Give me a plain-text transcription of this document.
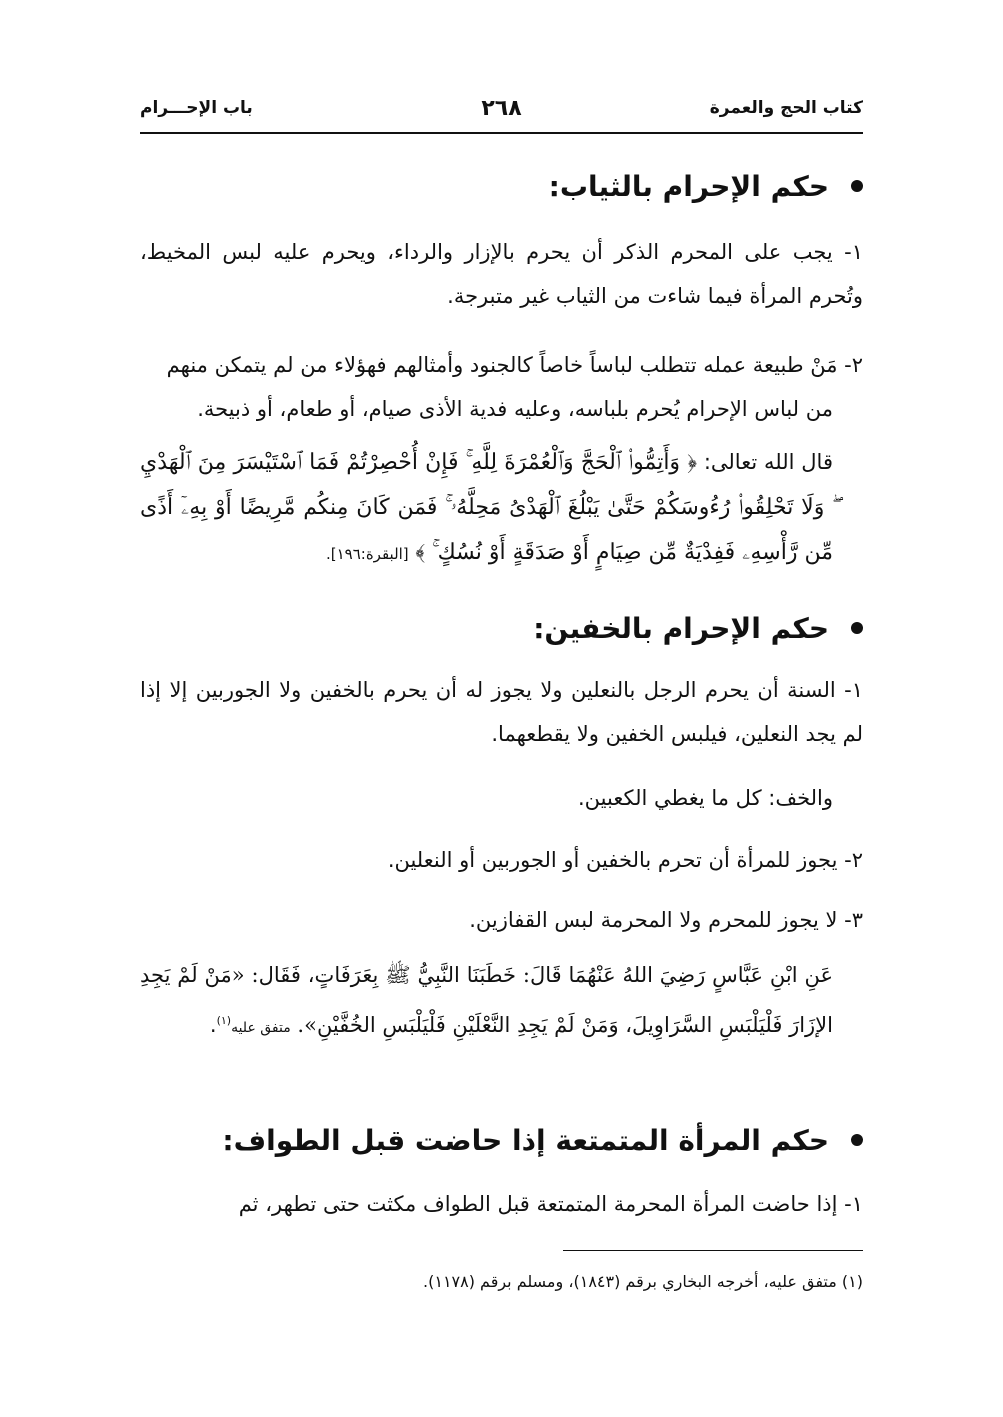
كتاب الحج والعمرة
٢٦٨
باب الإحـــرام
حكم الإحرام بالثياب:
١- يجب على المحرم الذكر أن يحرم بالإزار والرداء، ويحرم عليه لبس المخيط، وتُحرم المرأة فيما شاءت من الثياب غير متبرجة.
٢- مَنْ طبيعة عمله تتطلب لباساً خاصاً كالجنود وأمثالهم فهؤلاء من لم يتمكن منهم
من لباس الإحرام يُحرم بلباسه، وعليه فدية الأذى صيام، أو طعام، أو ذبيحة.
قال الله تعالى: ﴿ وَأَتِمُّوا۟ ٱلْحَجَّ وَٱلْعُمْرَةَ لِلَّهِ ۚ فَإِنْ أُحْصِرْتُمْ فَمَا ٱسْتَيْسَرَ مِنَ ٱلْهَدْيِ ۖ وَلَا تَحْلِقُوا۟ رُءُوسَكُمْ حَتَّىٰ يَبْلُغَ ٱلْهَدْىُ مَحِلَّهُۥ ۚ فَمَن كَانَ مِنكُم مَّرِيضًا أَوْ بِهِۦٓ أَذًى مِّن رَّأْسِهِۦ فَفِدْيَةٌ مِّن صِيَامٍ أَوْ صَدَقَةٍ أَوْ نُسُكٍ ۚ ﴾ [البقرة:١٩٦].
حكم الإحرام بالخفين:
١- السنة أن يحرم الرجل بالنعلين ولا يجوز له أن يحرم بالخفين ولا الجوربين إلا إذا لم يجد النعلين، فيلبس الخفين ولا يقطعهما.
والخف: كل ما يغطي الكعبين.
٢- يجوز للمرأة أن تحرم بالخفين أو الجوربين أو النعلين.
٣- لا يجوز للمحرم ولا المحرمة لبس القفازين.
عَنِ ابْنِ عَبَّاسٍ رَضِيَ اللهُ عَنْهُمَا قَالَ: خَطَبَنَا النَّبِيُّ ﷺ بِعَرَفَاتٍ، فَقَال: «مَنْ لَمْ يَجِدِ الإزَارَ فَلْيَلْبَسِ السَّرَاوِيلَ، وَمَنْ لَمْ يَجِدِ النَّعْلَيْنِ فَلْيَلْبَسِ الخُفَّيْنِ». متفق عليه$^{(١)}$.
حكم المرأة المتمتعة إذا حاضت قبل الطواف:
١- إذا حاضت المرأة المحرمة المتمتعة قبل الطواف مكثت حتى تطهر، ثم
(١) متفق عليه، أخرجه البخاري برقم (١٨٤٣)، ومسلم برقم (١١٧٨).
